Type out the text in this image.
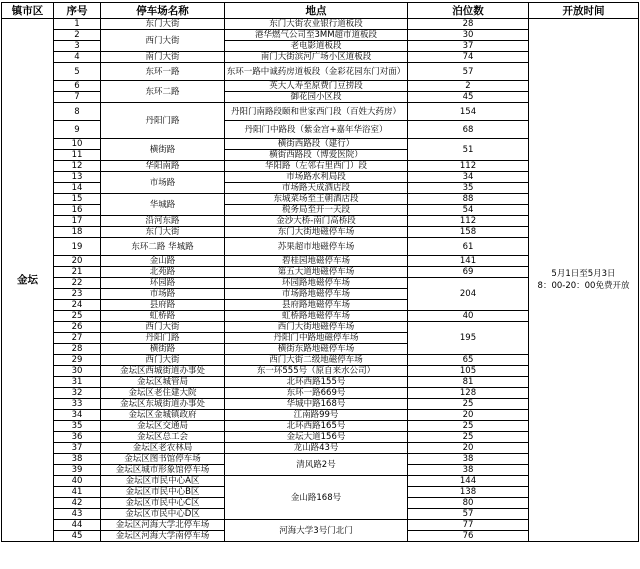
镇市区	序号	停车场名称	地点	泊位数	开放时间
金坛	1	东门大街	东门大街农业银行道板段	28	5月1日至5月3日
8：00-20：00免费开放
	2	西门大街	港华燃气公司至3MM超市道板段	30	
	3		老电影道板段	37	
	4	南门大街	南门大街滨河广场小区道板段	74	
	5	东环一路	东环一路中诚药房道板段（金彩花园东门对面）	57	
	6	东环二路	英大人寿至原费门豆捞段	2	
	7		御花园小区段	45	
	8	丹阳门路	丹阳门南路段颐和世家西门段（百姓大药房）	154	
	9		丹阳门中路段（紫金宫+嘉年华浴室）	68	
	10	横街路	横街西路段（建行）	51	
	11		横街西路段（博爱医院）		
	12	华阳南路	华阳路（左邻右里西门）段	112	
	13	市场路	市场路水利局段	34	
	14		市场路天成酒店段	35	
	15	华城路	东城菜场至王朝酒店段	88	
	16		税务局至开一天段	54	
	17	沿河东路	金沙大桥-南门高桥段	112	
	18	东门大街	东门大街地磁停车场	158	
	19	东环二路 华城路	苏果超市地磁停车场	61	
	20	金山路	碧桂园地磁停车场	141	
	21	北苑路	第五大道地磁停车场	69	
	22	环园路	环园路地磁停车场	204	
	23	市场路	市场路地磁停车场		
	24	县府路	县府路地磁停车场		
	25	虹桥路	虹桥路地磁停车场	40	
	26	西门大街	西门大街地磁停车场	195	
	27	丹阳门路	丹阳门中路地磁停车场		
	28	横街路	横街东路地磁停车场		
	29	西门大街	西门大街二级地磁停车场	65	
	30	金坛区西城街道办事处	东一环555号（原自来水公司）	105	
	31	金坛区城管局	北环西路155号	81	
	32	金坛区老住建大院	东环一路669号	128	
	33	金坛区东城街道办事处	华城中路168号	25	
	34	金坛区金城镇政府	江南路99号	20	
	35	金坛区交通局	北环西路165号	25	
	36	金坛区总工会	金坛大道156号	25	
	37	金坛区老农林局	龙山路43号	20	
	38	金坛区图书馆停车场	清风路2号	38	
	39	金坛区城市形象馆停车场		38	
	40	金坛区市民中心A区	金山路168号	144	
	41	金坛区市民中心B区		138	
	42	金坛区市民中心C区		80	
	43	金坛区市民中心D区		57	
	44	金坛区河海大学北停车场	河海大学3号门北门	77	
	45	金坛区河海大学南停车场		76	
